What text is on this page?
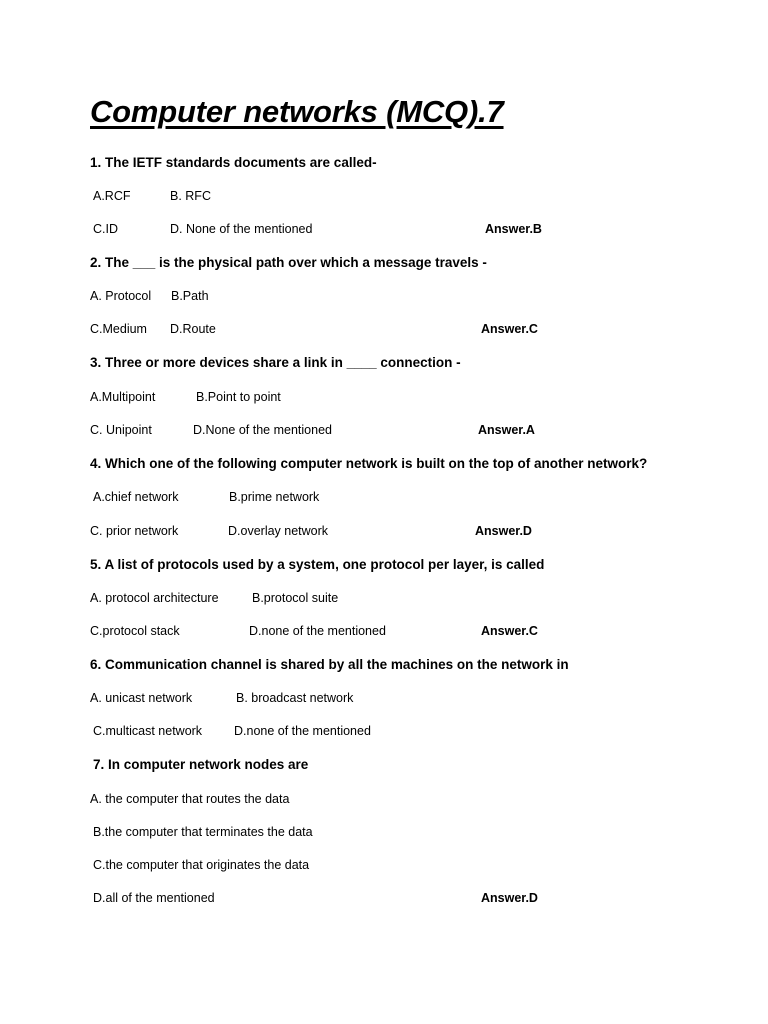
Computer networks (MCQ).7
1. The IETF standards documents are called-
A.RCF	B. RFC
C.ID	D. None of the mentioned	Answer.B
2. The ___ is the physical path over which a message travels -
A. Protocol B.Path
C.Medium D.Route	Answer.C
3. Three or more devices share a link in ____ connection -
A.Multipoint	B.Point to point
C. Unipoint	D.None of the mentioned	Answer.A
4. Which one of the following computer network is built on the top of another network?
A.chief network	B.prime network
C. prior network	D.overlay network	Answer.D
5. A list of protocols used by a system, one protocol per layer, is called
A. protocol architecture	B.protocol suite
C.protocol stack	D.none of the mentioned	Answer.C
6. Communication channel is shared by all the machines on the network in
A. unicast network	B. broadcast network
C.multicast network	D.none of the mentioned
7. In computer network nodes are
A. the computer that routes the data
B.the computer that terminates the data
C.the computer that originates the data
D.all of the mentioned	Answer.D
